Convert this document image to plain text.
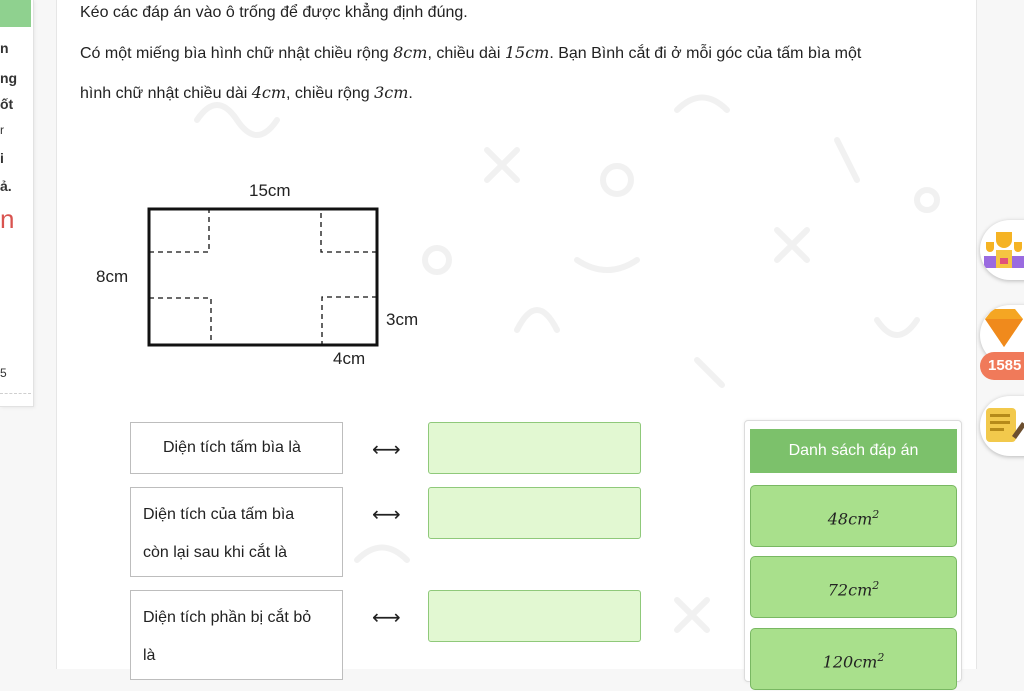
n
ng
ốt
r
i
ả.
n
5
Kéo các đáp án vào ô trống để được khẳng định đúng.
Có một miếng bìa hình chữ nhật chiều rộng 8cm, chiều dài 15cm. Bạn Bình cắt đi ở mỗi góc của tấm bìa một
hình chữ nhật chiều dài 4cm, chiều rộng 3cm.
15cm
8cm
3cm
4cm
Diện tích tấm bìa là	⟷
Diện tích của tấm bìa
còn lại sau khi cắt là
⟷
Diện tích phần bị cắt bỏ
là
⟷
Danh sách đáp án
$48cm^2$
$72cm^2$
$120cm^2$
1585
